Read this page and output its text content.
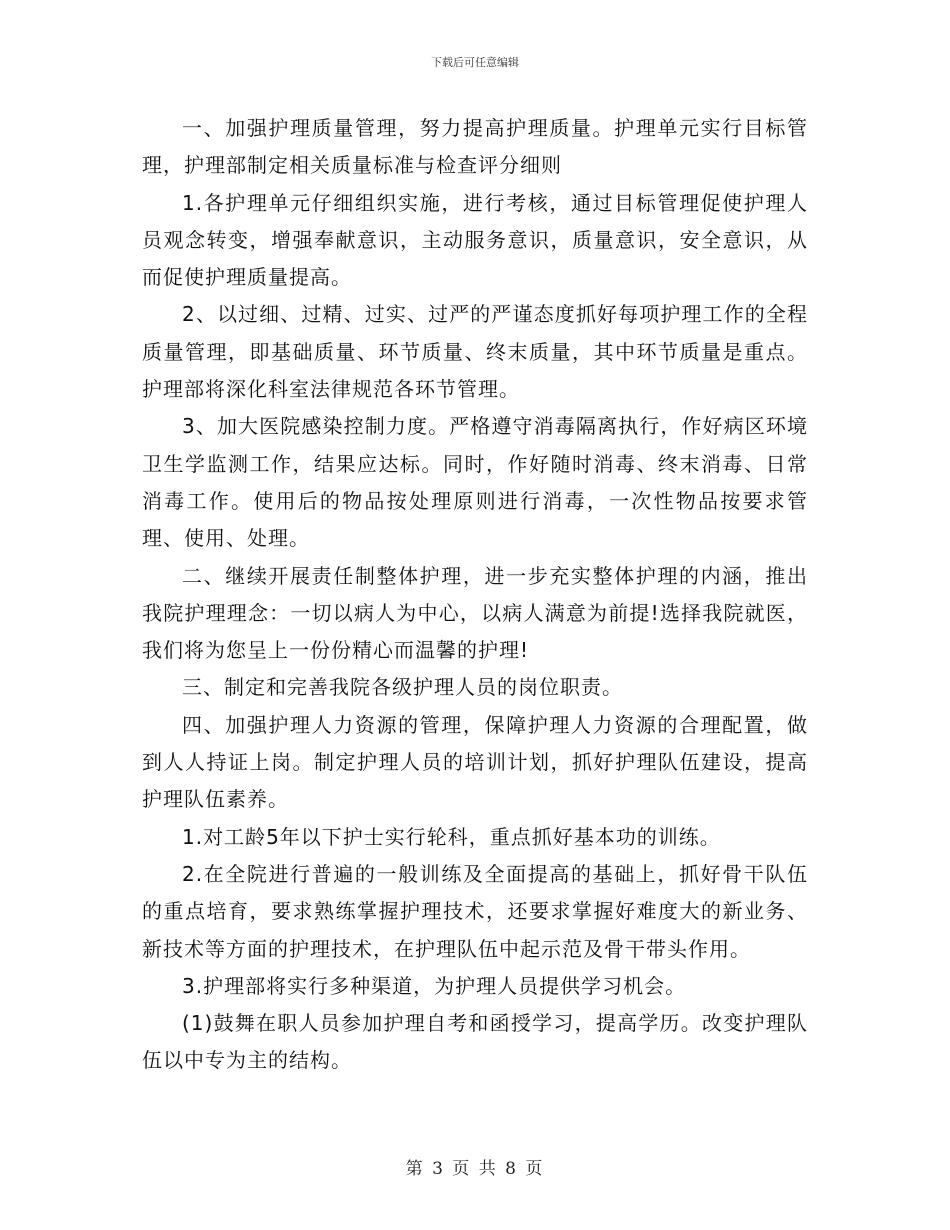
下载后可任意编辑

一、加强护理质量管理，努力提高护理质量。护理单元实行目标管理，护理部制定相关质量标准与检查评分细则

1.各护理单元仔细组织实施，进行考核，通过目标管理促使护理人员观念转变，增强奉献意识，主动服务意识，质量意识，安全意识，从而促使护理质量提高。

2、以过细、过精、过实、过严的严谨态度抓好每项护理工作的全程质量管理，即基础质量、环节质量、终末质量，其中环节质量是重点。护理部将深化科室法律规范各环节管理。

3、加大医院感染控制力度。严格遵守消毒隔离执行，作好病区环境卫生学监测工作，结果应达标。同时，作好随时消毒、终末消毒、日常消毒工作。使用后的物品按处理原则进行消毒，一次性物品按要求管理、使用、处理。

二、继续开展责任制整体护理，进一步充实整体护理的内涵，推出我院护理理念：一切以病人为中心，以病人满意为前提!选择我院就医，我们将为您呈上一份份精心而温馨的护理!

三、制定和完善我院各级护理人员的岗位职责。

四、加强护理人力资源的管理，保障护理人力资源的合理配置，做到人人持证上岗。制定护理人员的培训计划，抓好护理队伍建设，提高护理队伍素养。

1.对工龄5年以下护士实行轮科，重点抓好基本功的训练。

2.在全院进行普遍的一般训练及全面提高的基础上，抓好骨干队伍的重点培育，要求熟练掌握护理技术，还要求掌握好难度大的新业务、新技术等方面的护理技术，在护理队伍中起示范及骨干带头作用。

3.护理部将实行多种渠道，为护理人员提供学习机会。

(1)鼓舞在职人员参加护理自考和函授学习，提高学历。改变护理队伍以中专为主的结构。

第 3 页 共 8 页
